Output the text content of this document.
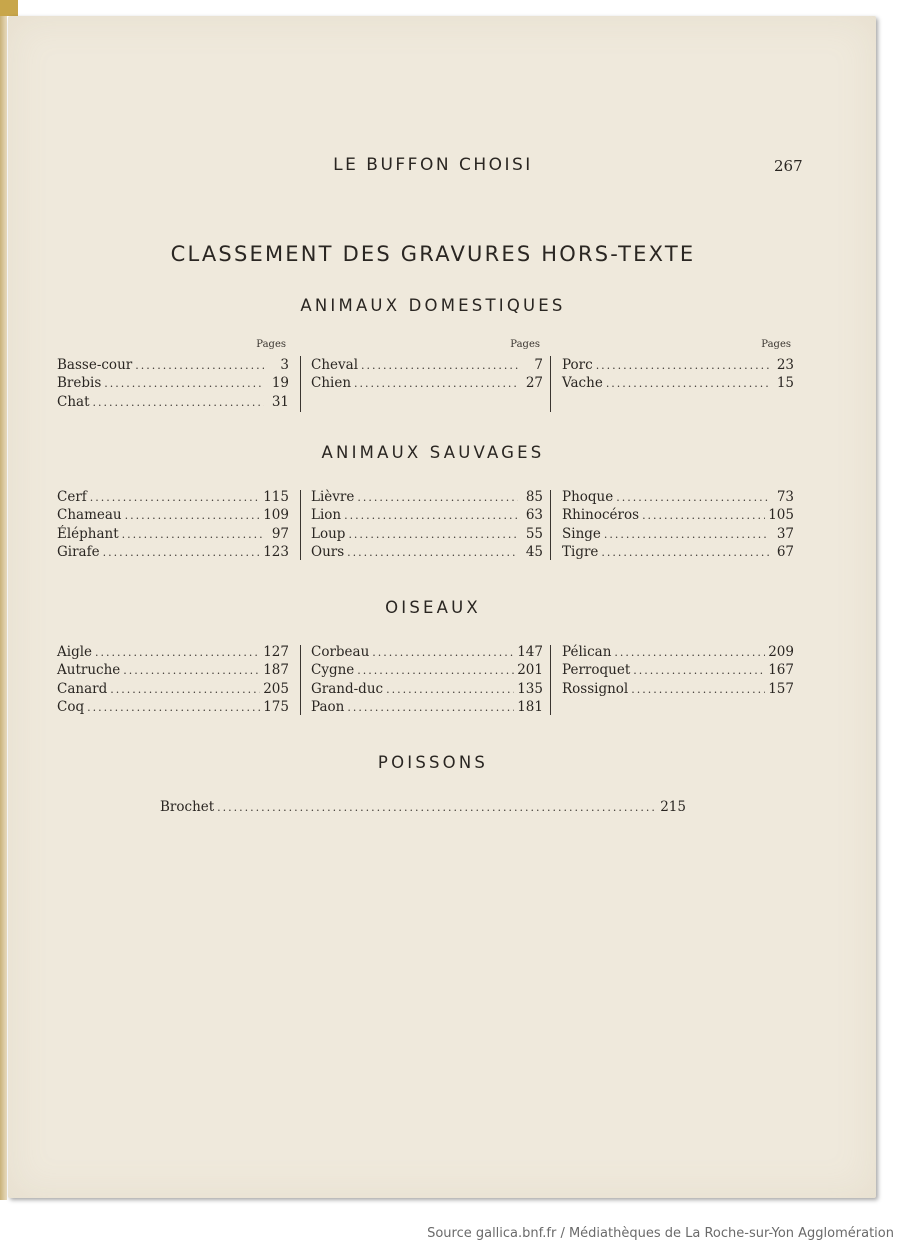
LE BUFFON CHOISI	267
CLASSEMENT DES GRAVURES HORS-TEXTE
ANIMAUX DOMESTIQUES
Pages
Basse-cour .....	3
Brebis .....	19
Chat .....	31
Pages
Cheval .....	7
Chien .....	27
Pages
Porc .....	23
Vache .....	15
ANIMAUX SAUVAGES
Cerf .....	115
Chameau .....	109
Éléphant .....	97
Girafe .....	123
Lièvre .....	85
Lion .....	63
Loup .....	55
Ours .....	45
Phoque .....	73
Rhinocéros .....	105
Singe .....	37
Tigre .....	67
OISEAUX
Aigle .....	127
Autruche .....	187
Canard .....	205
Coq .....	175
Corbeau .....	147
Cygne .....	201
Grand-duc .....	135
Paon .....	181
Pélican .....	209
Perroquet .....	167
Rossignol .....	157
POISSONS
Brochet .....	215
Source gallica.bnf.fr / Médiathèques de La Roche-sur-Yon Agglomération
